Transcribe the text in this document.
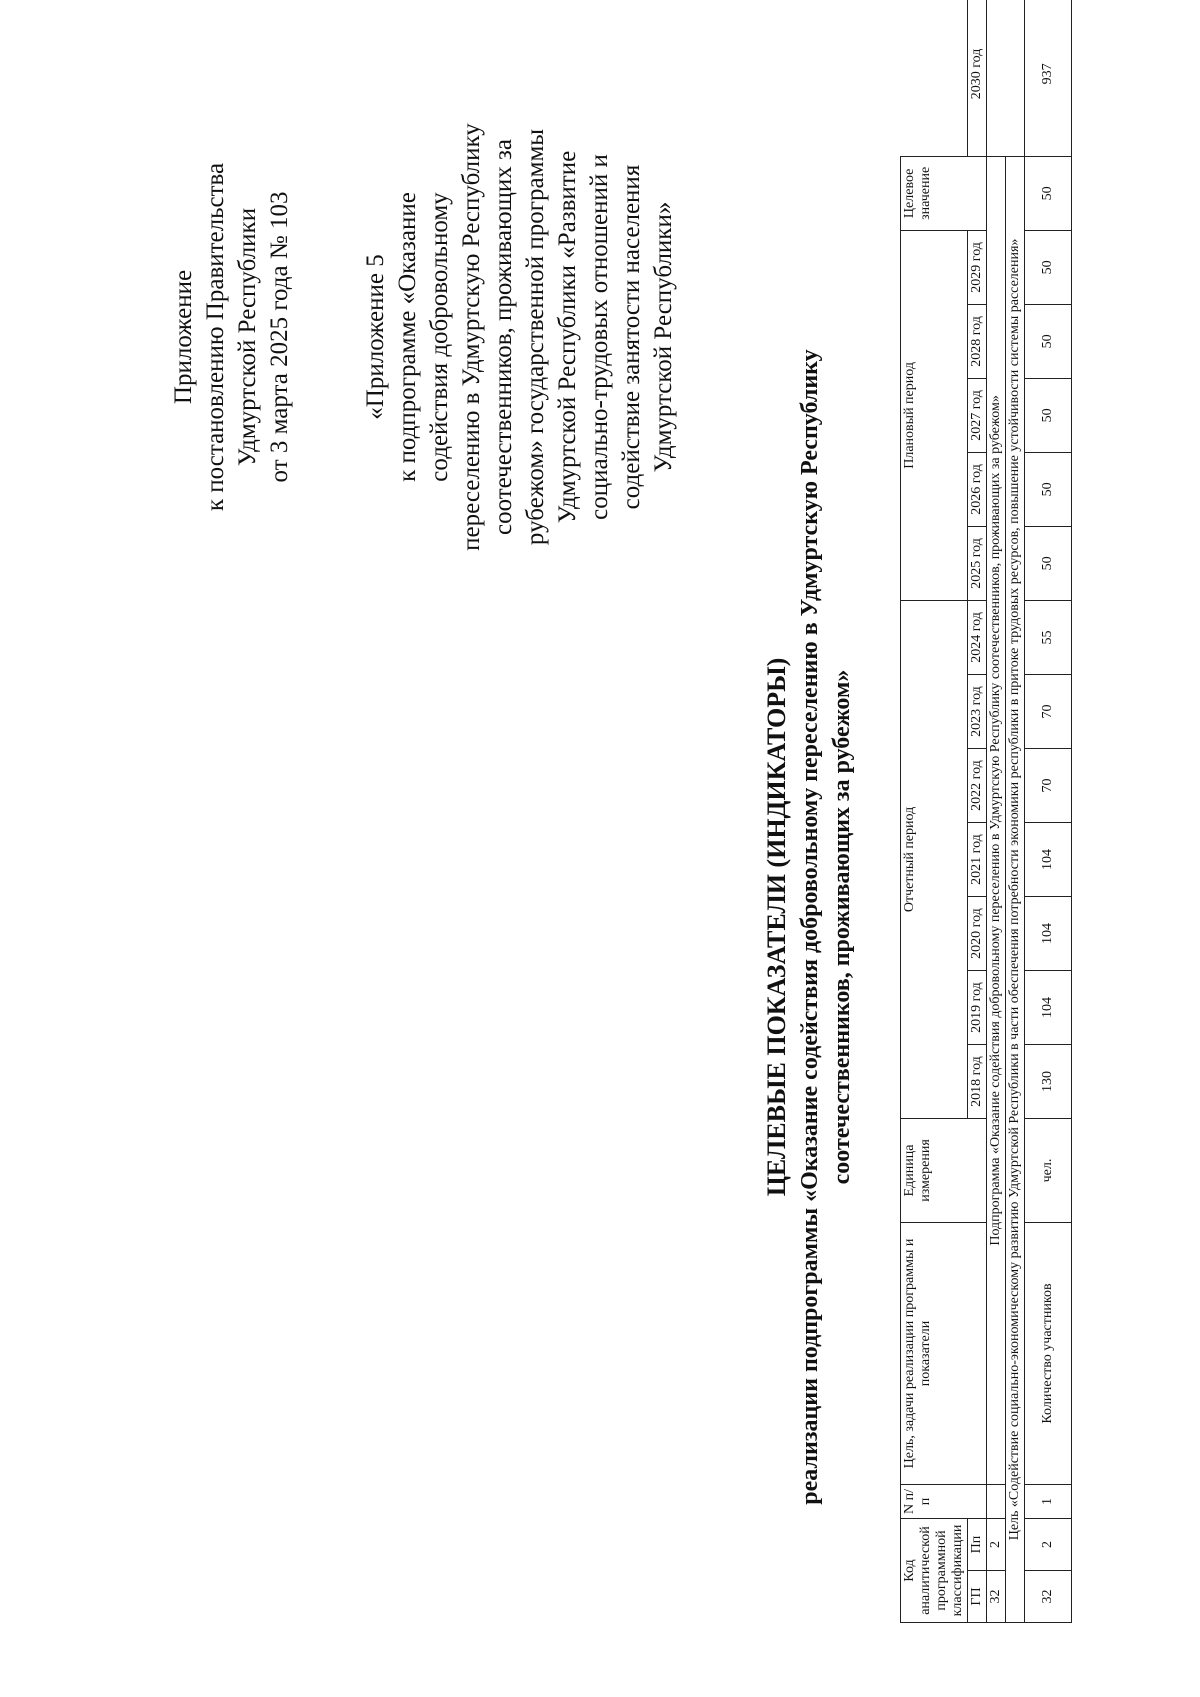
Приложение к постановлению Правительства Удмуртской Республики от 3 марта 2025 года № 103	«Приложение 5 к подпрограмме «Оказание содействия добровольному переселению в Удмуртскую Республику соотечественников, проживающих за рубежом» государственной программы Удмуртской Республики «Развитие социально-трудовых отношений и содействие занятости населения Удмуртской Республики»
ЦЕЛЕВЫЕ ПОКАЗАТЕЛИ (ИНДИКАТОРЫ) реализации подпрограммы «Оказание содействия добровольному переселению в Удмуртскую Республику соотечественников, проживающих за рубежом»
Код аналитической программной классификации		N п/п	Цель, задачи реализации программы и показатели	Единица измерения	Отчетный период							Плановый период					Целевое значение	
ГП	Пп				2018 год	2019 год	2020 год	2021 год	2022 год	2023 год	2024 год	2025 год	2026 год	2027 год	2028 год	2029 год		2030 год
32	2		Подпрограмма «Оказание содействия добровольному переселению в Удмуртскую Республику соотечественников, проживающих за рубежом»															
Цель «Содействие социально-экономическому развитию Удмуртской Республики в части обеспечения потребности экономики республики в притоке трудовых ресурсов, повышение устойчивости системы расселения»																		
32	2	1	Количество участников	чел.	130	104	104	104	70	70	55	50	50	50	50	50	50	937
